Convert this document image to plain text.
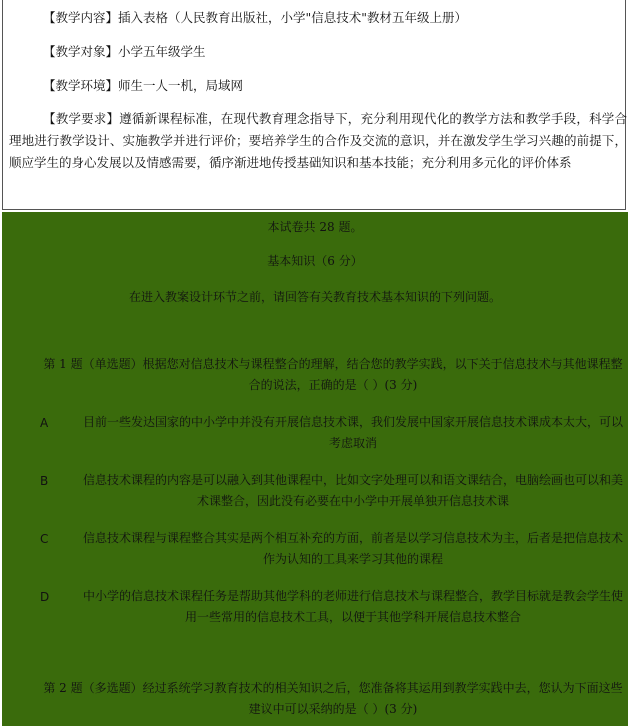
【教学内容】插入表格（人民教育出版社，小学"信息技术"教材五年级上册）
【教学对象】小学五年级学生
【教学环境】师生一人一机，局域网
【教学要求】遵循新课程标准，在现代教育理念指导下，充分利用现代化的教学方法和教学手段，科学合理地进行教学设计、实施教学并进行评价；要培养学生的合作及交流的意识，并在激发学生学习兴趣的前提下，顺应学生的身心发展以及情感需要，循序渐进地传授基础知识和基本技能；充分利用多元化的评价体系
本试卷共 28 题。
基本知识（6 分）
在进入教案设计环节之前，请回答有关教育技术基本知识的下列问题。
第 1 题（单选题）根据您对信息技术与课程整合的理解，结合您的教学实践，以下关于信息技术与其他课程整合的说法，正确的是（ ）(3 分)
A	目前一些发达国家的中小学中并没有开展信息技术课，我们发展中国家开展信息技术课成本太大，可以考虑取消
B	信息技术课程的内容是可以融入到其他课程中，比如文字处理可以和语文课结合，电脑绘画也可以和美术课整合，因此没有必要在中小学中开展单独开信息技术课
C	信息技术课程与课程整合其实是两个相互补充的方面，前者是以学习信息技术为主，后者是把信息技术作为认知的工具来学习其他的课程
D	中小学的信息技术课程任务是帮助其他学科的老师进行信息技术与课程整合，教学目标就是教会学生使用一些常用的信息技术工具，以便于其他学科开展信息技术整合
第 2 题（多选题）经过系统学习教育技术的相关知识之后，您准备将其运用到教学实践中去，您认为下面这些建议中可以采纳的是（ ）(3 分)
